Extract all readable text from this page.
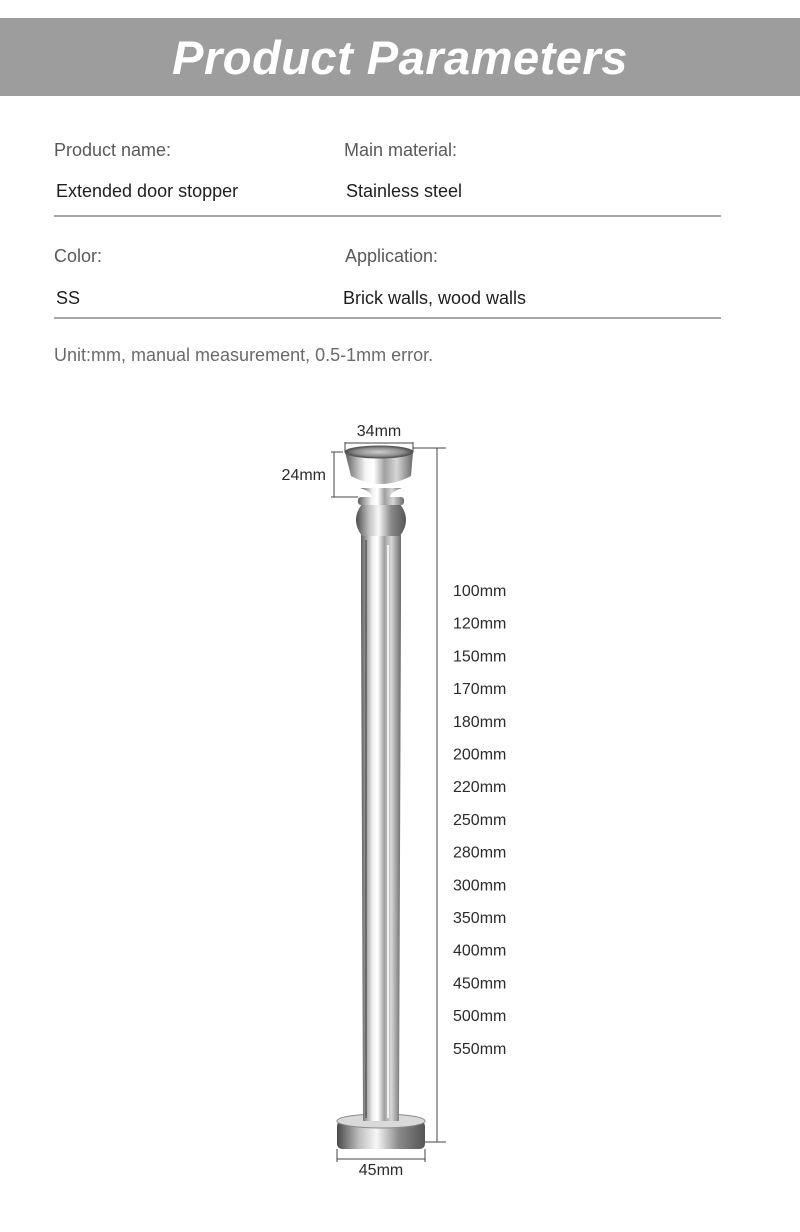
Product Parameters
Product name:
Extended door stopper
Main material:
Stainless steel
Color:
SS
Application:
Brick walls, wood walls
Unit:mm, manual measurement, 0.5-1mm error.
34mm
24mm
100mm
120mm
150mm
170mm
180mm
200mm
220mm
250mm
280mm
300mm
350mm
400mm
450mm
500mm
550mm
45mm
